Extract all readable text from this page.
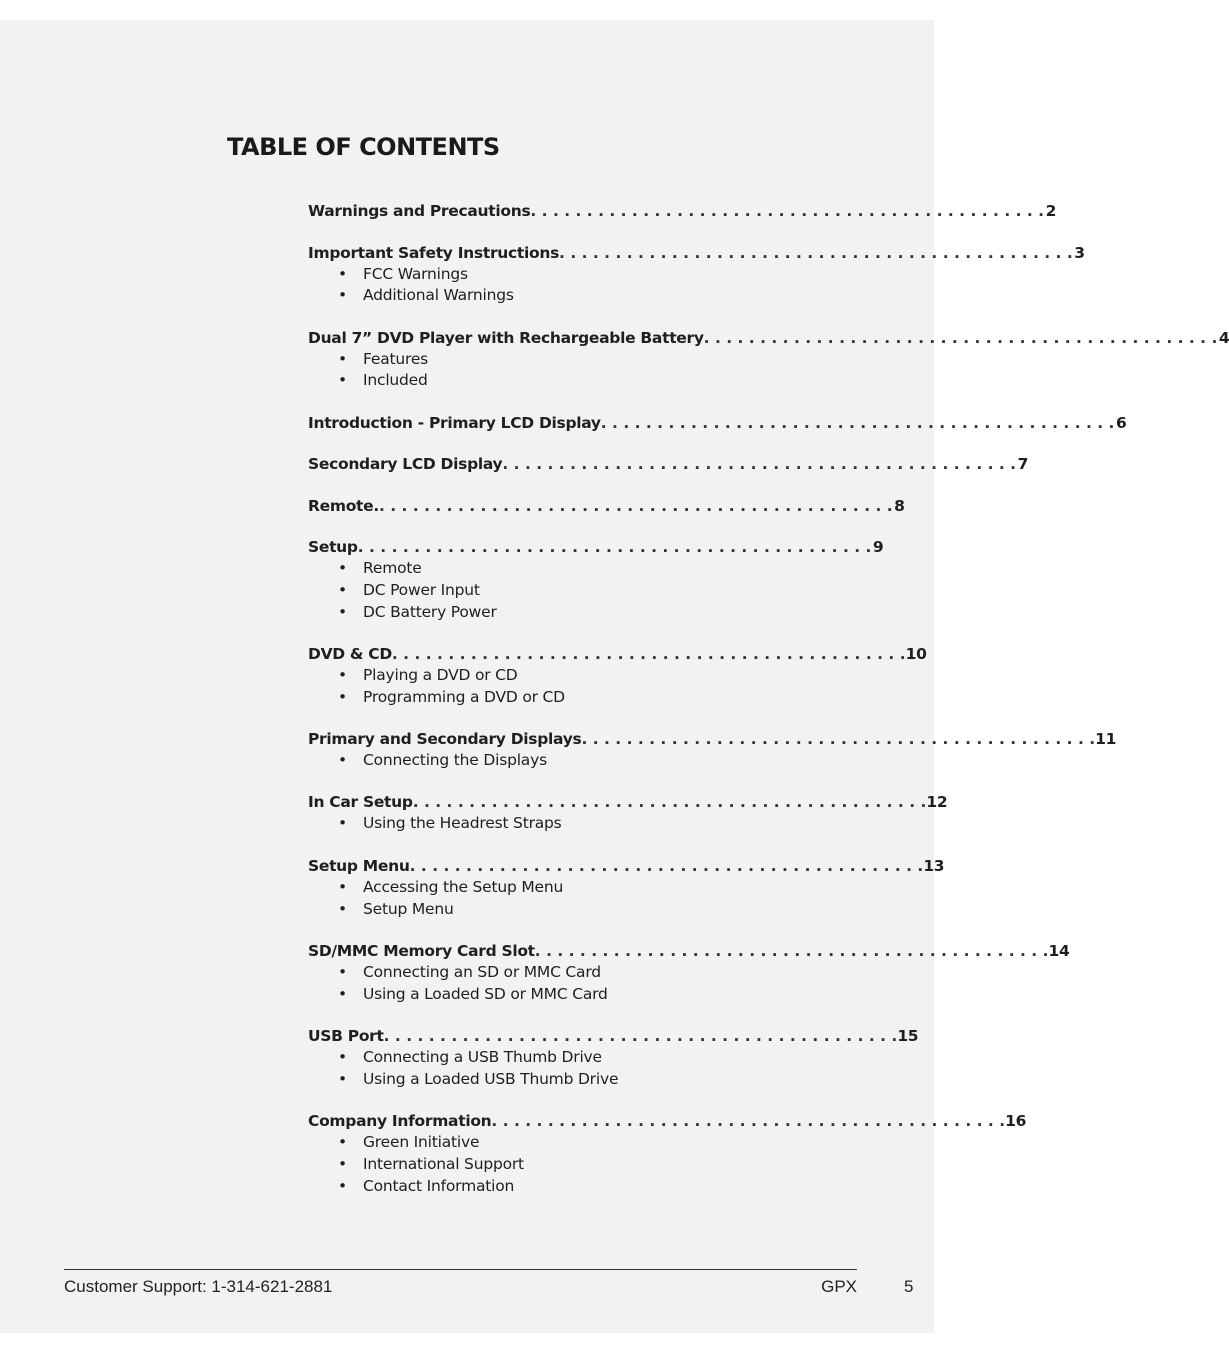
TABLE OF CONTENTS
Warnings and Precautions . . . . . . . . . . . . . . . . . . . . . . . . . . . . . . . . . . . . . . . . . . . . . . 2
Important Safety Instructions . . . . . . . . . . . . . . . . . . . . . . . . . . . . . . . . . . . . . . . . . . . . . . 3
• FCC Warnings
• Additional Warnings
Dual 7” DVD Player with Rechargeable Battery . . . . . . . . . . . . . . . . . . . . . . . . . . . . . . . . . . . . . . . . . . . . . . 4
• Features
• Included
Introduction - Primary LCD Display . . . . . . . . . . . . . . . . . . . . . . . . . . . . . . . . . . . . . . . . . . . . . . 6
Secondary LCD Display . . . . . . . . . . . . . . . . . . . . . . . . . . . . . . . . . . . . . . . . . . . . . . 7
Remote. . . . . . . . . . . . . . . . . . . . . . . . . . . . . . . . . . . . . . . . . . . . . . . 8
Setup . . . . . . . . . . . . . . . . . . . . . . . . . . . . . . . . . . . . . . . . . . . . . . 9
• Remote
• DC Power Input
• DC Battery Power
DVD & CD . . . . . . . . . . . . . . . . . . . . . . . . . . . . . . . . . . . . . . . . . . . . . . 10
• Playing a DVD or CD
• Programming a DVD or CD
Primary and Secondary Displays . . . . . . . . . . . . . . . . . . . . . . . . . . . . . . . . . . . . . . . . . . . . . . 11
• Connecting the Displays
In Car Setup . . . . . . . . . . . . . . . . . . . . . . . . . . . . . . . . . . . . . . . . . . . . . . 12
• Using the Headrest Straps
Setup Menu . . . . . . . . . . . . . . . . . . . . . . . . . . . . . . . . . . . . . . . . . . . . . . 13
• Accessing the Setup Menu
• Setup Menu
SD/MMC Memory Card Slot . . . . . . . . . . . . . . . . . . . . . . . . . . . . . . . . . . . . . . . . . . . . . . 14
• Connecting an SD or MMC Card
• Using a Loaded SD or MMC Card
USB Port . . . . . . . . . . . . . . . . . . . . . . . . . . . . . . . . . . . . . . . . . . . . . . 15
• Connecting a USB Thumb Drive
• Using a Loaded USB Thumb Drive
Company Information . . . . . . . . . . . . . . . . . . . . . . . . . . . . . . . . . . . . . . . . . . . . . . 16
• Green Initiative
• International Support
• Contact Information
Customer Support: 1-314-621-2881	GPX	5
